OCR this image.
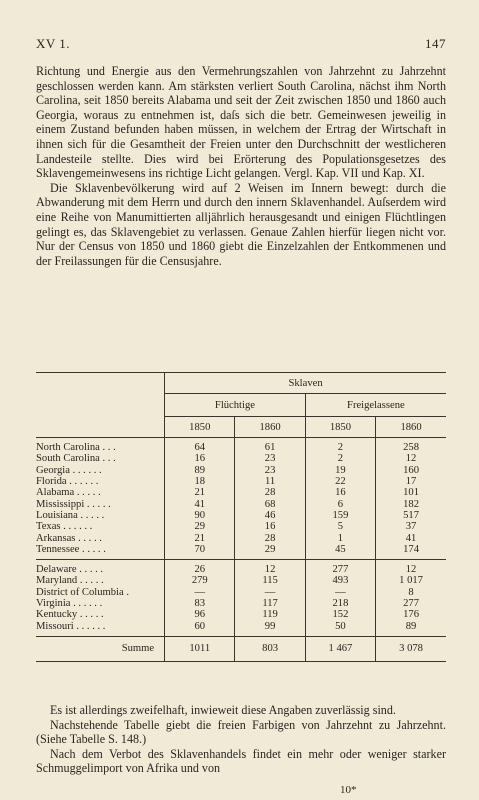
XV 1.	147

Richtung und Energie aus den Vermehrungszahlen von Jahrzehnt zu Jahrzehnt geschlossen werden kann. Am stärksten verliert South Carolina, nächst ihm North Carolina, seit 1850 bereits Alabama und seit der Zeit zwischen 1850 und 1860 auch Georgia, woraus zu entnehmen ist, daſs sich die betr. Gemeinwesen jeweilig in einem Zustand befunden haben müssen, in welchem der Ertrag der Wirtschaft in ihnen sich für die Gesamtheit der Freien unter den Durchschnitt der westlicheren Landesteile stellte. Dies wird bei Erörterung des Populationsgesetzes des Sklavengemeinwesens ins richtige Licht gelangen. Vergl. Kap. VII und Kap. XI.

Die Sklavenbevölkerung wird auf 2 Weisen im Innern bewegt: durch die Abwanderung mit dem Herrn und durch den innern Sklavenhandel. Auſserdem wird eine Reihe von Manumittierten alljährlich herausgesandt und einigen Flüchtlingen gelingt es, das Sklavengebiet zu verlassen. Genaue Zahlen hierfür liegen nicht vor. Nur der Census von 1850 und 1860 giebt die Einzelzahlen der Entkommenen und der Freilassungen für die Censusjahre.

	Sklaven			
	Flüchtige		Freigelassene	
	1850	1860	1850	1860

North Carolina . . .	64	61	2	258
South Carolina . . .	16	23	2	12
Georgia . . . . . .	89	23	19	160
Florida . . . . . .	18	11	22	17
Alabama . . . . .	21	28	16	101
Mississippi . . . . .	41	68	6	182
Louisiana . . . . .	90	46	159	517
Texas . . . . . .	29	16	5	37
Arkansas . . . . .	21	28	1	41
Tennessee . . . . .	70	29	45	174

Delaware . . . . .	26	12	277	12
Maryland . . . . .	279	115	493	1 017
District of Columbia .	—	—	—	8
Virginia . . . . . .	83	117	218	277
Kentucky . . . . .	96	119	152	176
Missouri . . . . . .	60	99	50	89

Summe	1011	803	1 467	3 078

Es ist allerdings zweifelhaft, inwieweit diese Angaben zuverlässig sind.

Nachstehende Tabelle giebt die freien Farbigen von Jahrzehnt zu Jahrzehnt. (Siehe Tabelle S. 148.)

Nach dem Verbot des Sklavenhandels findet ein mehr oder weniger starker Schmuggelimport von Afrika und von

10*
